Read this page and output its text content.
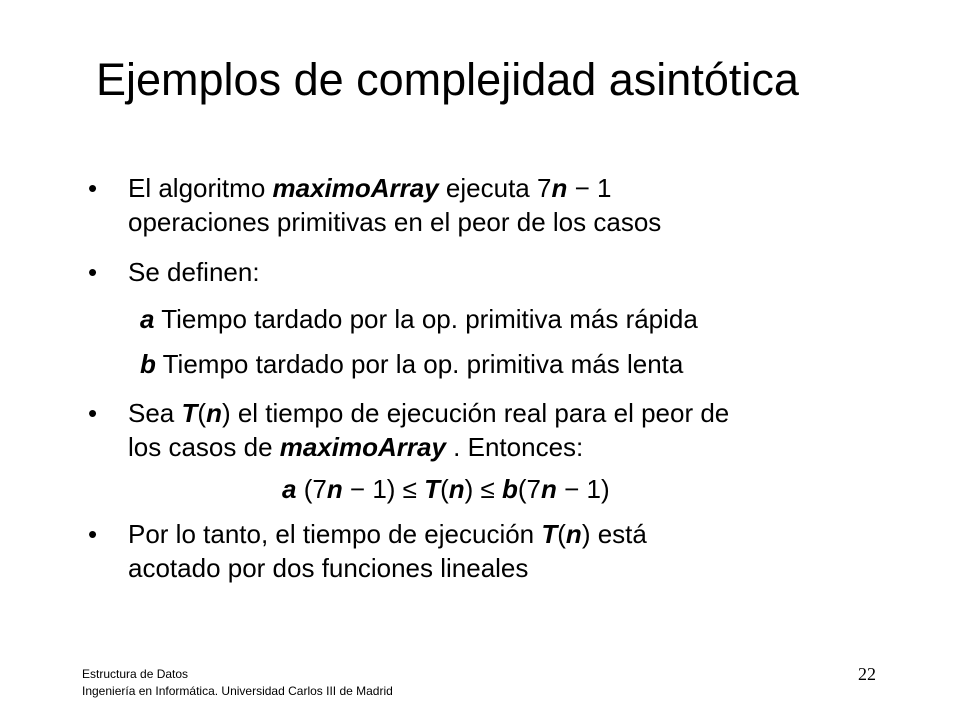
Ejemplos de complejidad asintótica
•	El algoritmo maximoArray ejecuta 7n − 1
operaciones primitivas en el peor de los casos
•	Se definen:
a Tiempo tardado por la op. primitiva más rápida
b Tiempo tardado por la op. primitiva más lenta
•	Sea T(n) el tiempo de ejecución real para el peor de
los casos de maximoArray . Entonces:
a (7n − 1) ≤ T(n) ≤ b(7n − 1)
•	Por lo tanto, el tiempo de ejecución T(n) está
acotado por dos funciones lineales
Estructura de Datos
Ingeniería en Informática. Universidad Carlos III de Madrid
22
